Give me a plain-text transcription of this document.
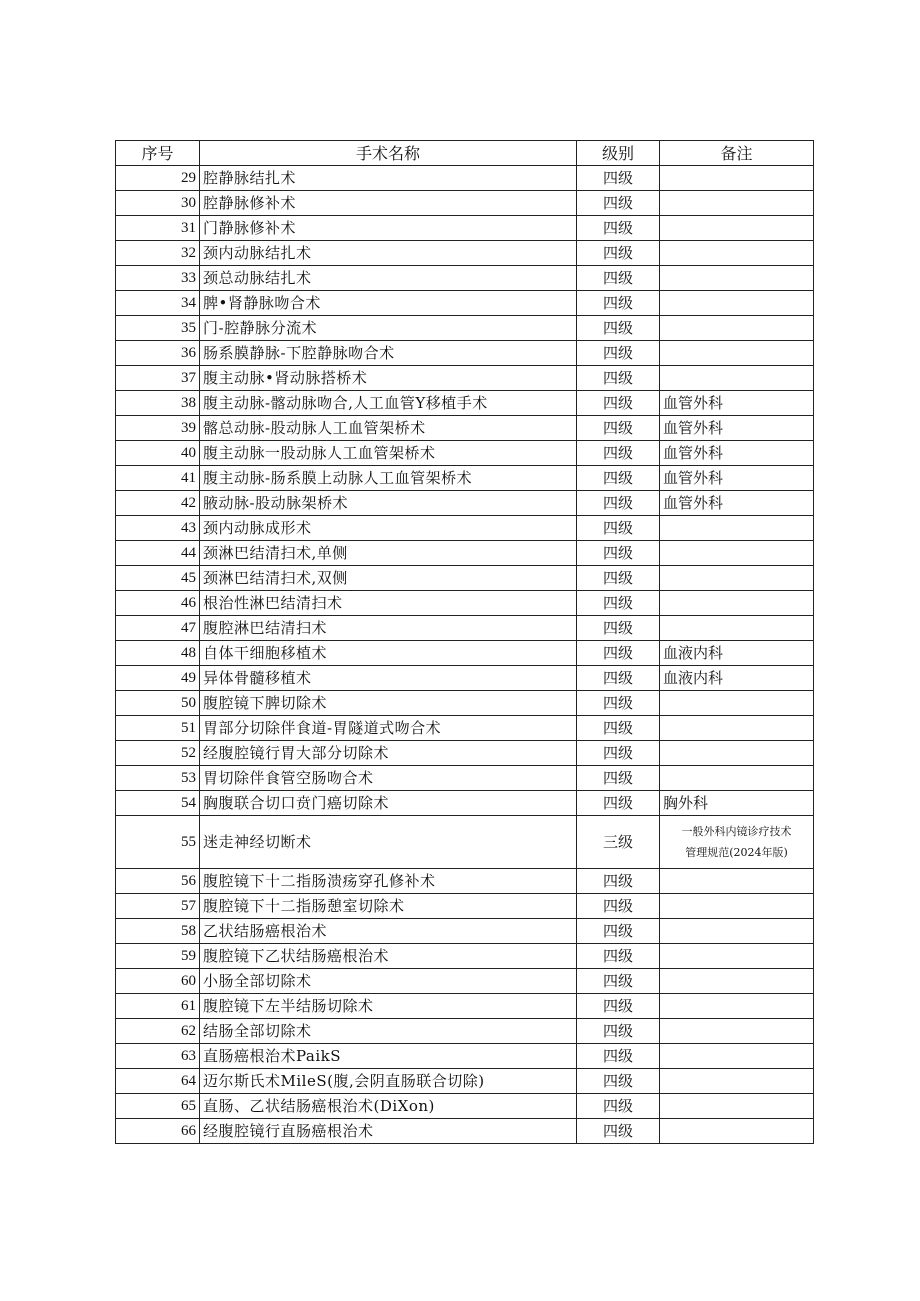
序号	手术名称	级别	备注
29	腔静脉结扎术	四级	
30	腔静脉修补术	四级	
31	门静脉修补术	四级	
32	颈内动脉结扎术	四级	
33	颈总动脉结扎术	四级	
34	脾•肾静脉吻合术	四级	
35	门-腔静脉分流术	四级	
36	肠系膜静脉-下腔静脉吻合术	四级	
37	腹主动脉•肾动脉搭桥术	四级	
38	腹主动脉-髂动脉吻合,人工血管Y移植手术	四级	血管外科
39	髂总动脉-股动脉人工血管架桥术	四级	血管外科
40	腹主动脉一股动脉人工血管架桥术	四级	血管外科
41	腹主动脉-肠系膜上动脉人工血管架桥术	四级	血管外科
42	腋动脉-股动脉架桥术	四级	血管外科
43	颈内动脉成形术	四级	
44	颈淋巴结清扫术,单侧	四级	
45	颈淋巴结清扫术,双侧	四级	
46	根治性淋巴结清扫术	四级	
47	腹腔淋巴结清扫术	四级	
48	自体干细胞移植术	四级	血液内科
49	异体骨髓移植术	四级	血液内科
50	腹腔镜下脾切除术	四级	
51	胃部分切除伴食道-胃隧道式吻合术	四级	
52	经腹腔镜行胃大部分切除术	四级	
53	胃切除伴食管空肠吻合术	四级	
54	胸腹联合切口贲门癌切除术	四级	胸外科
55	迷走神经切断术	三级	一般外科内镜诊疗技术
管理规范(2024年版)

56	腹腔镜下十二指肠溃疡穿孔修补术	四级	
57	腹腔镜下十二指肠憩室切除术	四级	
58	乙状结肠癌根治术	四级	
59	腹腔镜下乙状结肠癌根治术	四级	
60	小肠全部切除术	四级	
61	腹腔镜下左半结肠切除术	四级	
62	结肠全部切除术	四级	
63	直肠癌根治术PaikS	四级	
64	迈尔斯氏术MileS(腹,会阴直肠联合切除)	四级	
65	直肠、乙状结肠癌根治术(DiXon)	四级	
66	经腹腔镜行直肠癌根治术	四级	
